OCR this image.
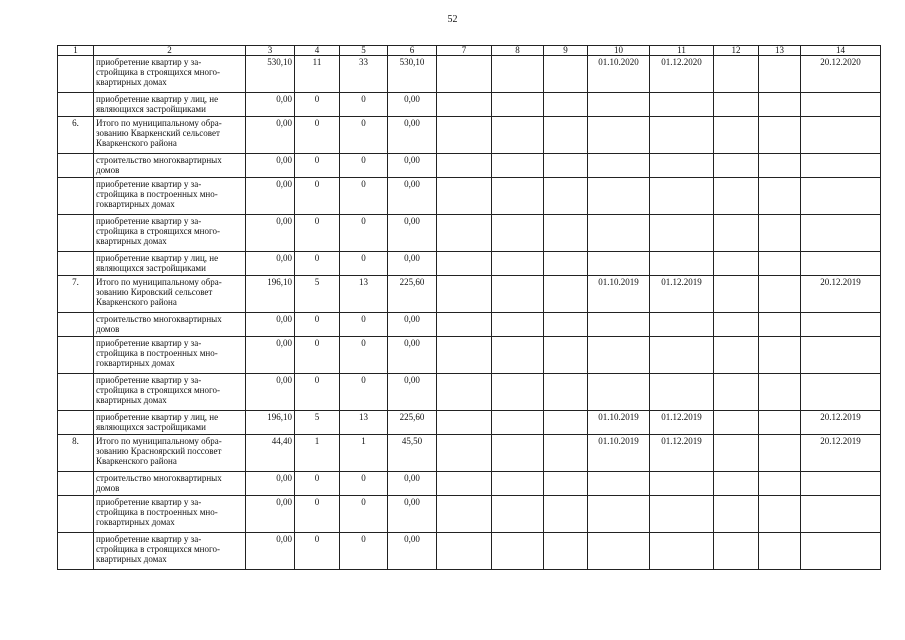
52
1	2	3	4	5	6	7	8	9	10	11	12	13	14
	приобретение квартир у за-
стройщика в строящихся много-
квартирных домах	530,10	11	33	530,10				01.10.2020	01.12.2020			20.12.2020
	приобретение квартир у лиц, не
являющихся застройщиками	0,00	0	0	0,00								
6.	Итого по муниципальному обра-
зованию Кваркенский сельсовет
Кваркенского района	0,00	0	0	0,00								
	строительство многоквартирных
домов	0,00	0	0	0,00								
	приобретение квартир у за-
стройщика в построенных мно-
гоквартирных домах	0,00	0	0	0,00								
	приобретение квартир у за-
стройщика в строящихся много-
квартирных домах	0,00	0	0	0,00								
	приобретение квартир у лиц, не
являющихся застройщиками	0,00	0	0	0,00								
7.	Итого по муниципальному обра-
зованию Кировский сельсовет
Кваркенского района	196,10	5	13	225,60				01.10.2019	01.12.2019			20.12.2019
	строительство многоквартирных
домов	0,00	0	0	0,00								
	приобретение квартир у за-
стройщика в построенных мно-
гоквартирных домах	0,00	0	0	0,00								
	приобретение квартир у за-
стройщика в строящихся много-
квартирных домах	0,00	0	0	0,00								
	приобретение квартир у лиц, не
являющихся застройщиками	196,10	5	13	225,60				01.10.2019	01.12.2019			20.12.2019
8.	Итого по муниципальному обра-
зованию Красноярский поссовет
Кваркенского района	44,40	1	1	45,50				01.10.2019	01.12.2019			20.12.2019
	строительство многоквартирных
домов	0,00	0	0	0,00								
	приобретение квартир у за-
стройщика в построенных мно-
гоквартирных домах	0,00	0	0	0,00								
	приобретение квартир у за-
стройщика в строящихся много-
квартирных домах	0,00	0	0	0,00								
